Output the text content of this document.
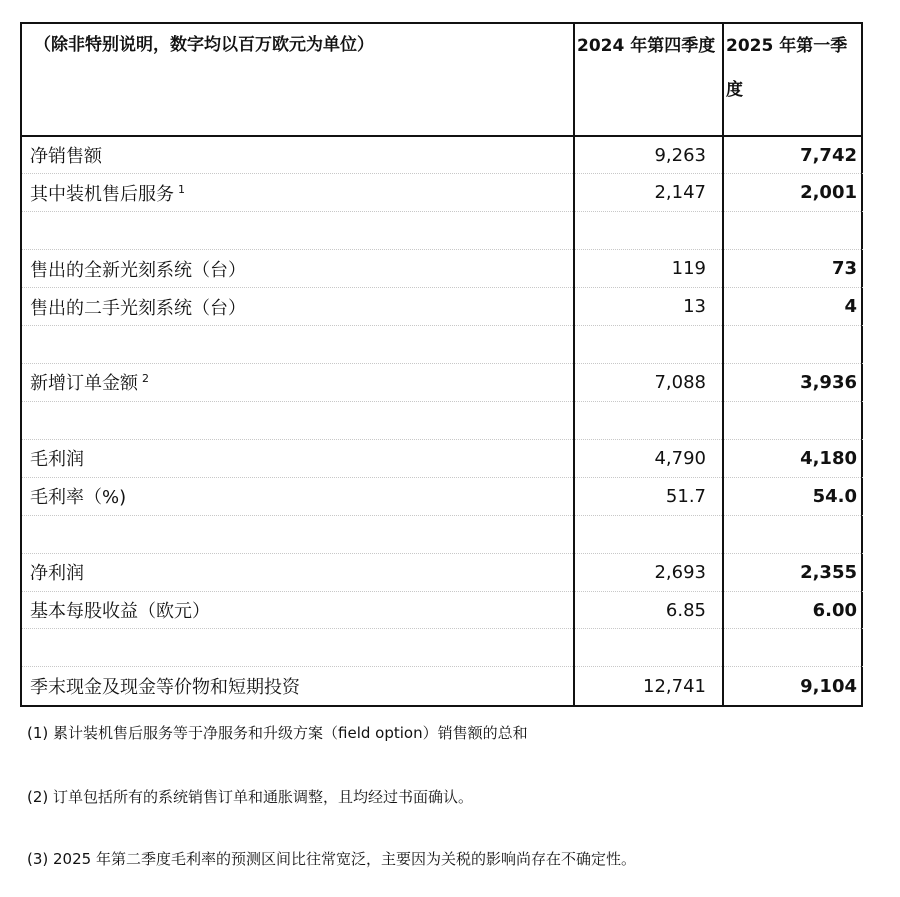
（除非特别说明，数字均以百万欧元为单位）	2024 年第四季度	2025 年第一季度
净销售额	9,263	7,742
其中装机售后服务 $^1$	2,147	2,001

售出的全新光刻系统（台）	119	73
售出的二手光刻系统（台）	13	4

新增订单金额 $^2$	7,088	3,936

毛利润	4,790	4,180
毛利率（%)	51.7	54.0

净利润	2,693	2,355
基本每股收益（欧元）	6.85	6.00

季末现金及现金等价物和短期投资	12,741	9,104
(1) 累计装机售后服务等于净服务和升级方案（field option）销售额的总和
(2) 订单包括所有的系统销售订单和通胀调整，且均经过书面确认。
(3) 2025 年第二季度毛利率的预测区间比往常宽泛，主要因为关税的影响尚存在不确定性。
